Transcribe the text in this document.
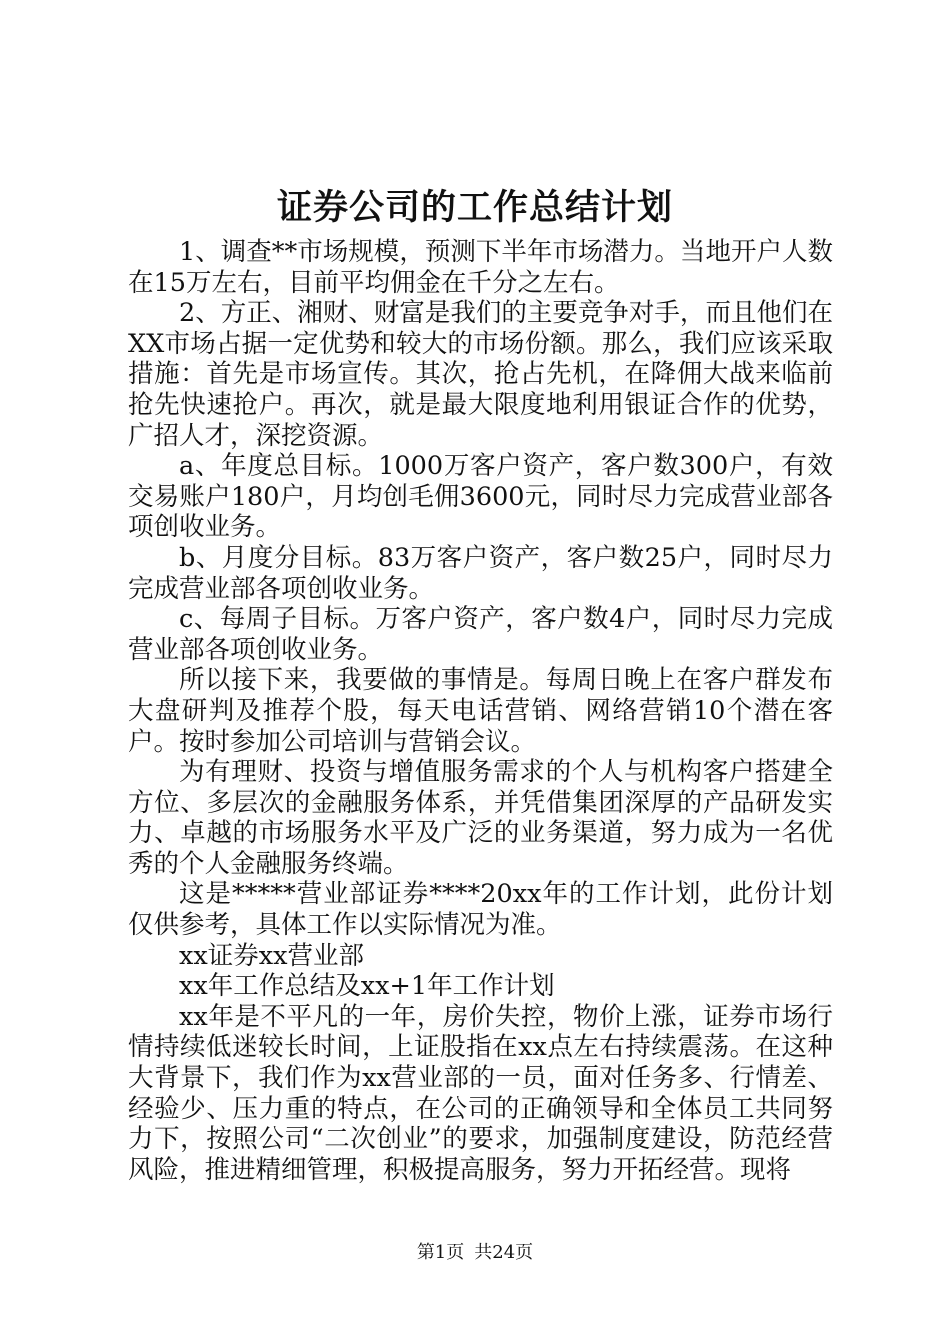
证券公司的工作总结计划

1、调查**市场规模，预测下半年市场潜力。当地开户人数在15万左右，目前平均佣金在千分之左右。

2、方正、湘财、财富是我们的主要竞争对手，而且他们在XX市场占据一定优势和较大的市场份额。那么，我们应该采取措施：首先是市场宣传。其次，抢占先机，在降佣大战来临前抢先快速抢户。再次，就是最大限度地利用银证合作的优势，广招人才，深挖资源。

a、年度总目标。1000万客户资产，客户数300户，有效交易账户180户，月均创毛佣3600元，同时尽力完成营业部各项创收业务。

b、月度分目标。83万客户资产，客户数25户，同时尽力完成营业部各项创收业务。

c、每周子目标。万客户资产，客户数4户，同时尽力完成营业部各项创收业务。

所以接下来，我要做的事情是。每周日晚上在客户群发布大盘研判及推荐个股，每天电话营销、网络营销10个潜在客户。按时参加公司培训与营销会议。

为有理财、投资与增值服务需求的个人与机构客户搭建全方位、多层次的金融服务体系，并凭借集团深厚的产品研发实力、卓越的市场服务水平及广泛的业务渠道，努力成为一名优秀的个人金融服务终端。

这是*****营业部证券****20xx年的工作计划，此份计划仅供参考，具体工作以实际情况为准。

xx证券xx营业部

xx年工作总结及xx+1年工作计划

xx年是不平凡的一年，房价失控，物价上涨，证券市场行情持续低迷较长时间，上证股指在xx点左右持续震荡。在这种大背景下，我们作为xx营业部的一员，面对任务多、行情差、经验少、压力重的特点，在公司的正确领导和全体员工共同努力下，按照公司“二次创业”的要求，加强制度建设，防范经营风险，推进精细管理，积极提高服务，努力开拓经营。现将

第1页 共24页
